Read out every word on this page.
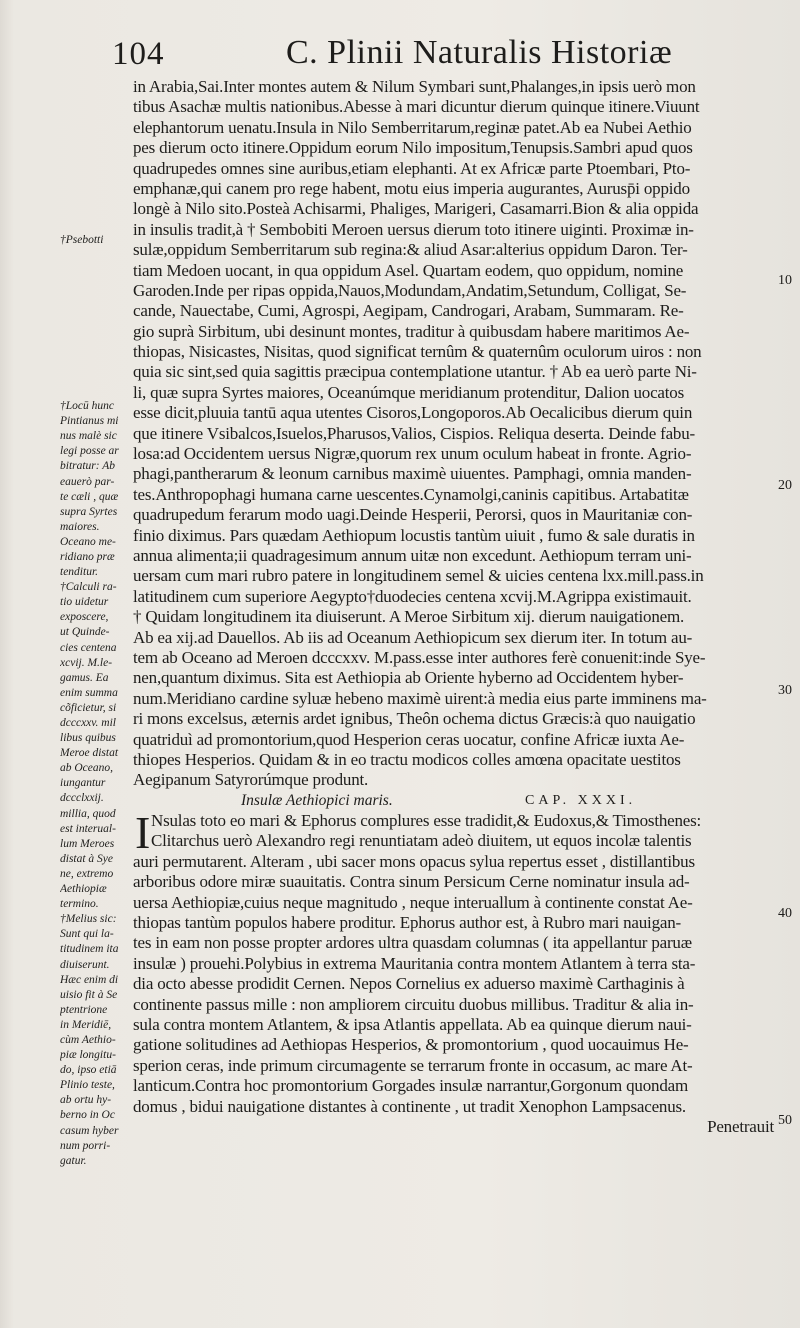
104	C. Plinii Naturalis Historiæ
†Psebotti
†Locū hunc
Pintianus mi
nus malè sic
legi posse ar
bitratur: Ab
eauerò par-
te cæli , quæ
supra Syrtes
maiores.
Oceano me-
ridiano præ
tenditur.
†Calculi ra-
tio uidetur
exposcere,
ut Quinde-
cies centena
xcvij. M.le-
gamus. Ea
enim summa
cõficietur, si
dcccxxv. mil
libus quibus
Meroe distat
ab Oceano,
iungantur
dccclxxij.
millia, quod
est interual-
lum Meroes
distat à Sye
ne, extremo
Aethiopiæ
termino.
†Melius sic:
Sunt qui la-
titudinem ita
diuiserunt.
Hæc enim di
uisio fit à Se
ptentrione
in Meridiē,
cùm Aethio-
piæ longitu-
do, ipso etiā
Plinio teste,
ab ortu hy-
berno in Oc
casum hyber
num porri-
gatur.
10
20
30
40
50
in Arabia,Sai.Inter montes autem & Nilum Symbari sunt,Phalanges,in ipsis uerò mon
tibus Asachæ multis nationibus.Abesse à mari dicuntur dierum quinque itinere.Viuunt
elephantorum uenatu.Insula in Nilo Semberritarum,reginæ patet.Ab ea Nubei Aethio
pes dierum octo itinere.Oppidum eorum Nilo impositum,Tenupsis.Sambri apud quos
quadrupedes omnes sine auribus,etiam elephanti. At ex Africæ parte Ptoembari, Pto-
emphanæ,qui canem pro rege habent, motu eius imperia augurantes, Aurusp̄i oppido
longè à Nilo sito.Posteà Achisarmi, Phaliges, Marigeri, Casamarri.Bion & alia oppida
in insulis tradit,à † Sembobiti Meroen uersus dierum toto itinere uiginti. Proximæ in-
sulæ,oppidum Semberritarum sub regina:& aliud Asar:alterius oppidum Daron. Ter-
tiam Medoen uocant, in qua oppidum Asel. Quartam eodem, quo oppidum, nomine
Garoden.Inde per ripas oppida,Nauos,Modundam,Andatim,Setundum, Colligat, Se-
cande, Nauectabe, Cumi, Agrospi, Aegipam, Candrogari, Arabam, Summaram. Re-
gio suprà Sirbitum, ubi desinunt montes, traditur à quibusdam habere maritimos Ae-
thiopas, Nisicastes, Nisitas, quod significat ternûm & quaternûm oculorum uiros : non
quia sic sint,sed quia sagittis præcipua contemplatione utantur. † Ab ea uerò parte Ni-
li, quæ supra Syrtes maiores, Oceanúmque meridianum protenditur, Dalion uocatos
esse dicit,pluuia tantū aqua utentes Cisoros,Longoporos.Ab Oecalicibus dierum quin
que itinere Vsibalcos,Isuelos,Pharusos,Valios, Cispios. Reliqua deserta. Deinde fabu-
losa:ad Occidentem uersus Nigræ,quorum rex unum oculum habeat in fronte. Agrio-
phagi,pantherarum & leonum carnibus maximè uiuentes. Pamphagi, omnia manden-
tes.Anthropophagi humana carne uescentes.Cynamolgi,caninis capitibus. Artabatitæ
quadrupedum ferarum modo uagi.Deinde Hesperii, Perorsi, quos in Mauritaniæ con-
finio diximus. Pars quædam Aethiopum locustis tantùm uiuit , fumo & sale duratis in
annua alimenta;ii quadragesimum annum uitæ non excedunt. Aethiopum terram uni-
uersam cum mari rubro patere in longitudinem semel & uicies centena lxx.mill.pass.in
latitudinem cum superiore Aegypto†duodecies centena xcvij.M.Agrippa existimauit.
† Quidam longitudinem ita diuiserunt. A Meroe Sirbitum xij. dierum nauigationem.
Ab ea xij.ad Dauellos. Ab iis ad Oceanum Aethiopicum sex dierum iter. In totum au-
tem ab Oceano ad Meroen dcccxxv. M.pass.esse inter authores ferè conuenit:inde Sye-
nen,quantum diximus. Sita est Aethiopia ab Oriente hyberno ad Occidentem hyber-
num.Meridiano cardine syluæ hebeno maximè uirent:à media eius parte imminens ma-
ri mons excelsus, æternis ardet ignibus, Theôn ochema dictus Græcis:à quo nauigatio
quatriduì ad promontorium,quod Hesperion ceras uocatur, confine Africæ iuxta Ae-
thiopes Hesperios. Quidam & in eo tractu modicos colles amœna opacitate uestitos
Aegipanum Satyrorúmque produnt.
Insulæ Aethiopici maris.	CAP. XXXI.
I Nsulas toto eo mari & Ephorus complures esse tradidit,& Eudoxus,& Timosthenes:
Clitarchus uerò Alexandro regi renuntiatam adeò diuitem, ut equos incolæ talentis
auri permutarent. Alteram , ubi sacer mons opacus sylua repertus esset , distillantibus
arboribus odore miræ suauitatis. Contra sinum Persicum Cerne nominatur insula ad-
uersa Aethiopiæ,cuius neque magnitudo , neque interuallum à continente constat Ae-
thiopas tantùm populos habere proditur. Ephorus author est, à Rubro mari nauigan-
tes in eam non posse propter ardores ultra quasdam columnas ( ita appellantur paruæ
insulæ ) prouehi.Polybius in extrema Mauritania contra montem Atlantem à terra sta-
dia octo abesse prodidit Cernen. Nepos Cornelius ex aduerso maximè Carthaginis à
continente passus mille : non ampliorem circuitu duobus millibus. Traditur & alia in-
sula contra montem Atlantem, & ipsa Atlantis appellata. Ab ea quinque dierum naui-
gatione solitudines ad Aethiopas Hesperios, & promontorium , quod uocauimus He-
sperion ceras, inde primum circumagente se terrarum fronte in occasum, ac mare At-
lanticum.Contra hoc promontorium Gorgades insulæ narrantur,Gorgonum quondam
domus , bidui nauigatione distantes à continente , ut tradit Xenophon Lampsacenus.
Penetrauit
